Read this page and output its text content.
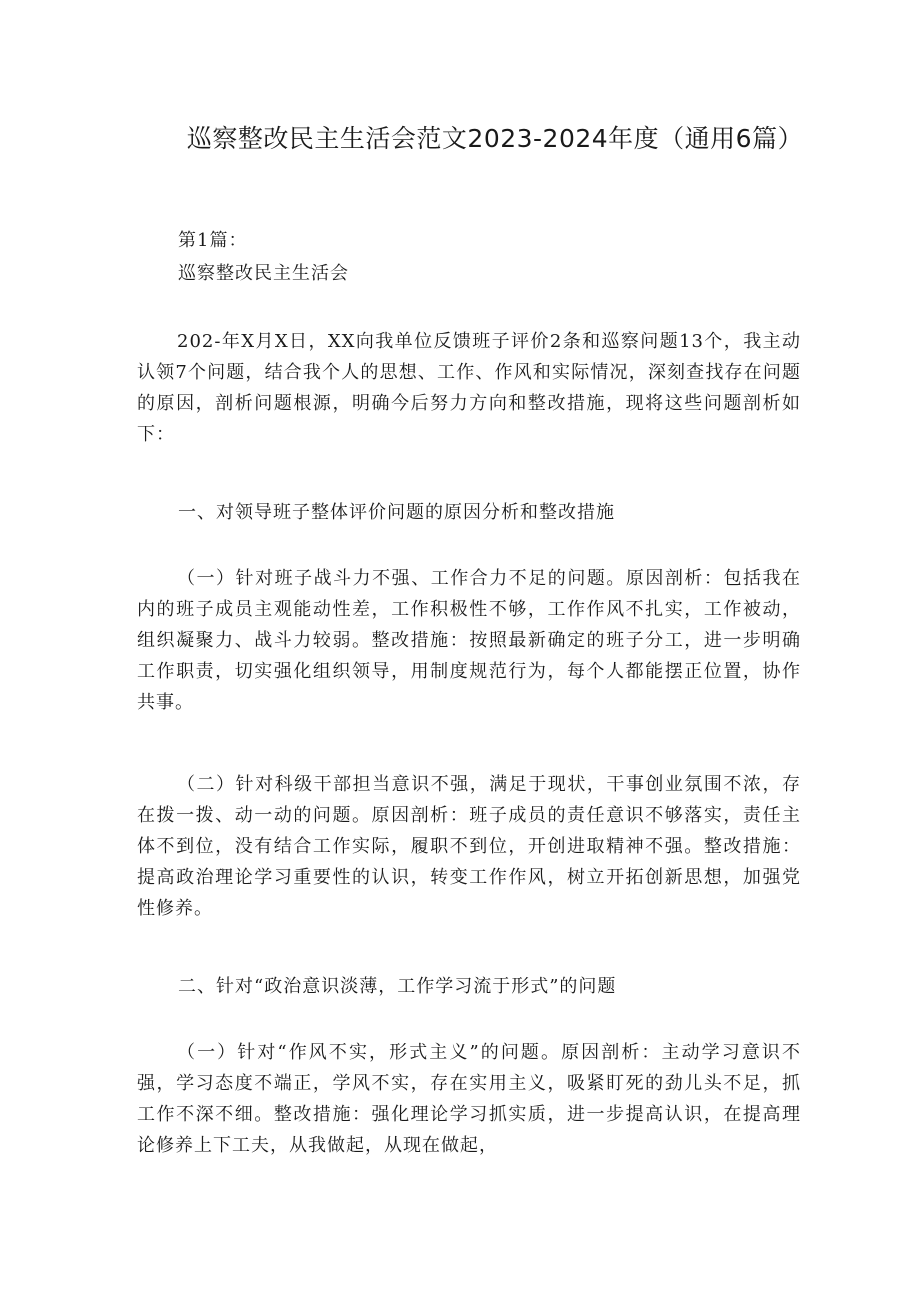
巡察整改民主生活会范文2023-2024年度（通用6篇）
第1篇：
巡察整改民主生活会
202-年X月X日，XX向我单位反馈班子评价2条和巡察问题13个，我主动认领7个问题，结合我个人的思想、工作、作风和实际情况，深刻查找存在问题的原因，剖析问题根源，明确今后努力方向和整改措施，现将这些问题剖析如下：
一、对领导班子整体评价问题的原因分析和整改措施
（一）针对班子战斗力不强、工作合力不足的问题。原因剖析：包括我在内的班子成员主观能动性差，工作积极性不够，工作作风不扎实，工作被动，组织凝聚力、战斗力较弱。整改措施：按照最新确定的班子分工，进一步明确工作职责，切实强化组织领导，用制度规范行为，每个人都能摆正位置，协作共事。
（二）针对科级干部担当意识不强，满足于现状，干事创业氛围不浓，存在拨一拨、动一动的问题。原因剖析：班子成员的责任意识不够落实，责任主体不到位，没有结合工作实际，履职不到位，开创进取精神不强。整改措施：提高政治理论学习重要性的认识，转变工作作风，树立开拓创新思想，加强党性修养。
二、针对“政治意识淡薄，工作学习流于形式”的问题
（一）针对“作风不实，形式主义”的问题。原因剖析：主动学习意识不强，学习态度不端正，学风不实，存在实用主义，吸紧盯死的劲儿头不足，抓工作不深不细。整改措施：强化理论学习抓实质，进一步提高认识，在提高理论修养上下工夫，从我做起，从现在做起，
